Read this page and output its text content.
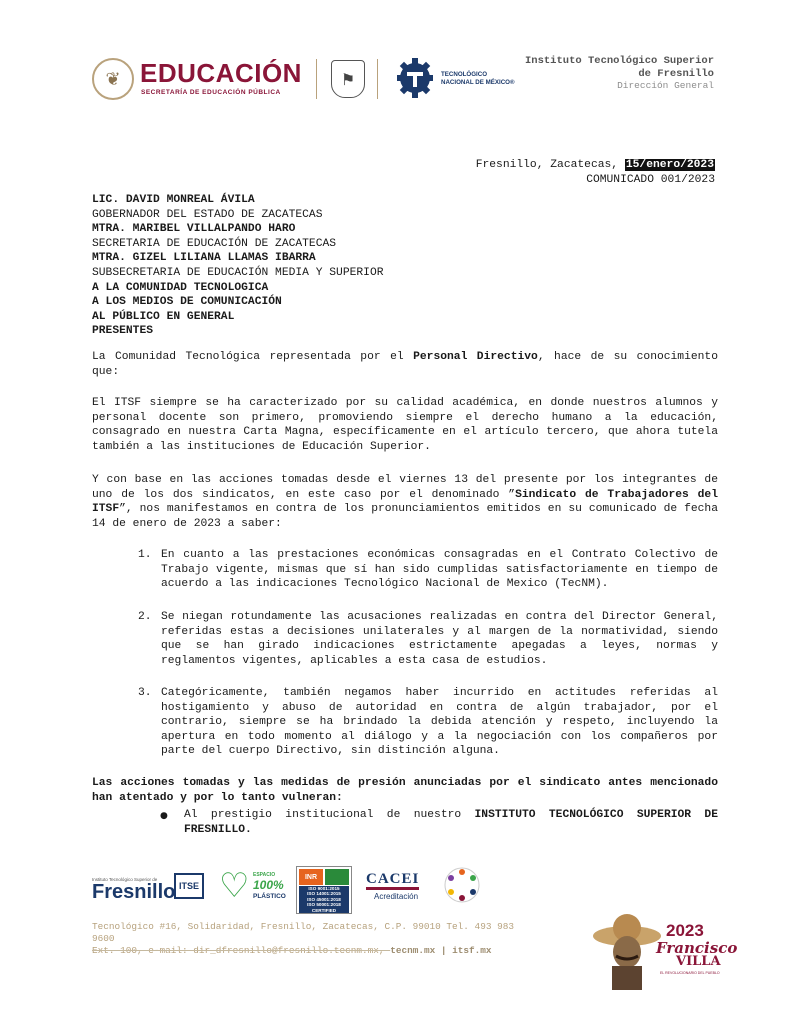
❦ EDUCACIÓN
SECRETARÍA DE EDUCACIÓN PÚBLICA
⚑	TECNOLÓGICO
NACIONAL DE MÉXICO®
Instituto Tecnológico Superior
de Fresnillo
Dirección General
Fresnillo, Zacatecas, 15/enero/2023
COMUNICADO 001/2023
LIC. DAVID MONREAL ÁVILA
GOBERNADOR DEL ESTADO DE ZACATECAS
MTRA. MARIBEL VILLALPANDO HARO
SECRETARIA DE EDUCACIÓN DE ZACATECAS
MTRA. GIZEL LILIANA LLAMAS IBARRA
SUBSECRETARIA DE EDUCACIÓN MEDIA Y SUPERIOR
A LA COMUNIDAD TECNOLOGICA
A LOS MEDIOS DE COMUNICACIÓN
AL PÚBLICO EN GENERAL
PRESENTES
La Comunidad Tecnológica representada por el Personal Directivo, hace de su conocimiento que:
El ITSF siempre se ha caracterizado por su calidad académica, en donde nuestros alumnos y personal docente son primero, promoviendo siempre el derecho humano a la educación, consagrado en nuestra Carta Magna, específicamente en el artículo tercero, que ahora tutela también a las instituciones de Educación Superior.
Y con base en las acciones tomadas desde el viernes 13 del presente por los integrantes de uno de los dos sindicatos, en este caso por el denominado ”Sindicato de Trabajadores del ITSF”, nos manifestamos en contra de los pronunciamientos emitidos en su comunicado de fecha 14 de enero de 2023 a saber:
1. En cuanto a las prestaciones económicas consagradas en el Contrato Colectivo de Trabajo vigente, mismas que sí han sido cumplidas satisfactoriamente en tiempo de acuerdo a las indicaciones Tecnológico Nacional de Mexico (TecNM).
2. Se niegan rotundamente las acusaciones realizadas en contra del Director General, referidas estas a decisiones unilaterales y al margen de la normatividad, siendo que se han girado indicaciones estrictamente apegadas a leyes, normas y reglamentos vigentes, aplicables a esta casa de estudios.
3. Categóricamente, también negamos haber incurrido en actitudes referidas al hostigamiento y abuso de autoridad en contra de algún trabajador, por el contrario, siempre se ha brindado la debida atención y respeto, incluyendo la apertura en todo momento al diálogo y a la negociación con los compañeros por parte del cuerpo Directivo, sin distinción alguna.
Las acciones tomadas y las medidas de presión anunciadas por el sindicato antes mencionado han atentado y por lo tanto vulneran:
●	Al prestigio institucional de nuestro INSTITUTO TECNOLÓGICO SUPERIOR DE FRESNILLO.
Instituto Tecnológico Superior de
Fresnillo ITSE ♡ ESPACIO
100%
PLÁSTICO
INR
ISO 9001:2015
ISO 14001:2015
ISO 45001:2018
ISO 50001:2018
CERTIFIED
CACEI
Acreditación
Tecnológico #16, Solidaridad, Fresnillo, Zacatecas, C.P. 99010 Tel. 493 983
9600
Ext. 100, e-mail: dir_dfresnillo@fresnillo.tecnm.mx, tecnm.mx | itsf.mx
2023
Francisco
VILLA
EL REVOLUCIONARIO DEL PUEBLO
